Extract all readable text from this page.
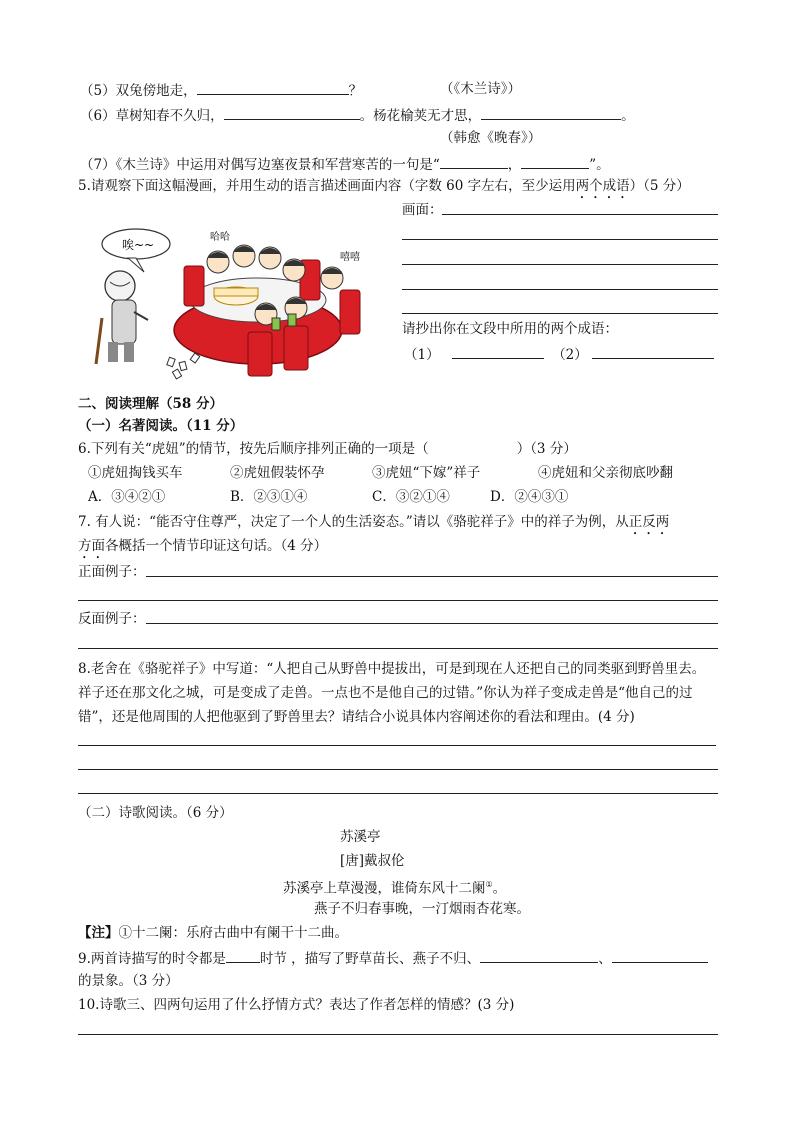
（5）双兔傍地走，	？	（《木兰诗》）
（6）草树知春不久归，	。杨花榆荚无才思，	。
（韩愈《晚春》）
（7）《木兰诗》中运用对偶写边塞夜景和军营寒苦的一句是“	，	”。
5.请观察下面这幅漫画，并用生动的语言描述画面内容（字数 60 字左右，至少运用两个成语）（5 分）
画面：
请抄出你在文段中所用的两个成语：
（1）	（2）
唉~~
哈哈
嘻嘻
二、阅读理解（58 分）
（一）名著阅读。（11 分）
6.下列有关“虎妞”的情节，按先后顺序排列正确的一项是（	）（3 分）
①虎妞掏钱买车	②虎妞假装怀孕	③虎妞“下嫁”祥子	④虎妞和父亲彻底吵翻
A．③④②①	B．②③①④	C．③②①④	D．②④③①
7. 有人说：“能否守住尊严，决定了一个人的生活姿态。”请以《骆驼祥子》中的祥子为例，从正反两
方面各概括一个情节印证这句话。（4 分）
正面例子：
反面例子：
8.老舍在《骆驼祥子》中写道：“人把自己从野兽中提拔出，可是到现在人还把自己的同类驱到野兽里去。
祥子还在那文化之城，可是变成了走兽。一点也不是他自己的过错。”你认为祥子变成走兽是“他自己的过
错”，还是他周围的人把他驱到了野兽里去？请结合小说具体内容阐述你的看法和理由。(4 分)
（二）诗歌阅读。（6 分）
苏溪亭
[唐]戴叔伦
苏溪亭上草漫漫，谁倚东风十二阑①。
燕子不归春事晚，一汀烟雨杏花寒。
【注】①十二阑：乐府古曲中有阑干十二曲。
9.两首诗描写的时令都是	时节 ，描写了野草苗长、燕子不归、	、
的景象。（3 分）
10.诗歌三、四两句运用了什么抒情方式？表达了作者怎样的情感？(3 分)
